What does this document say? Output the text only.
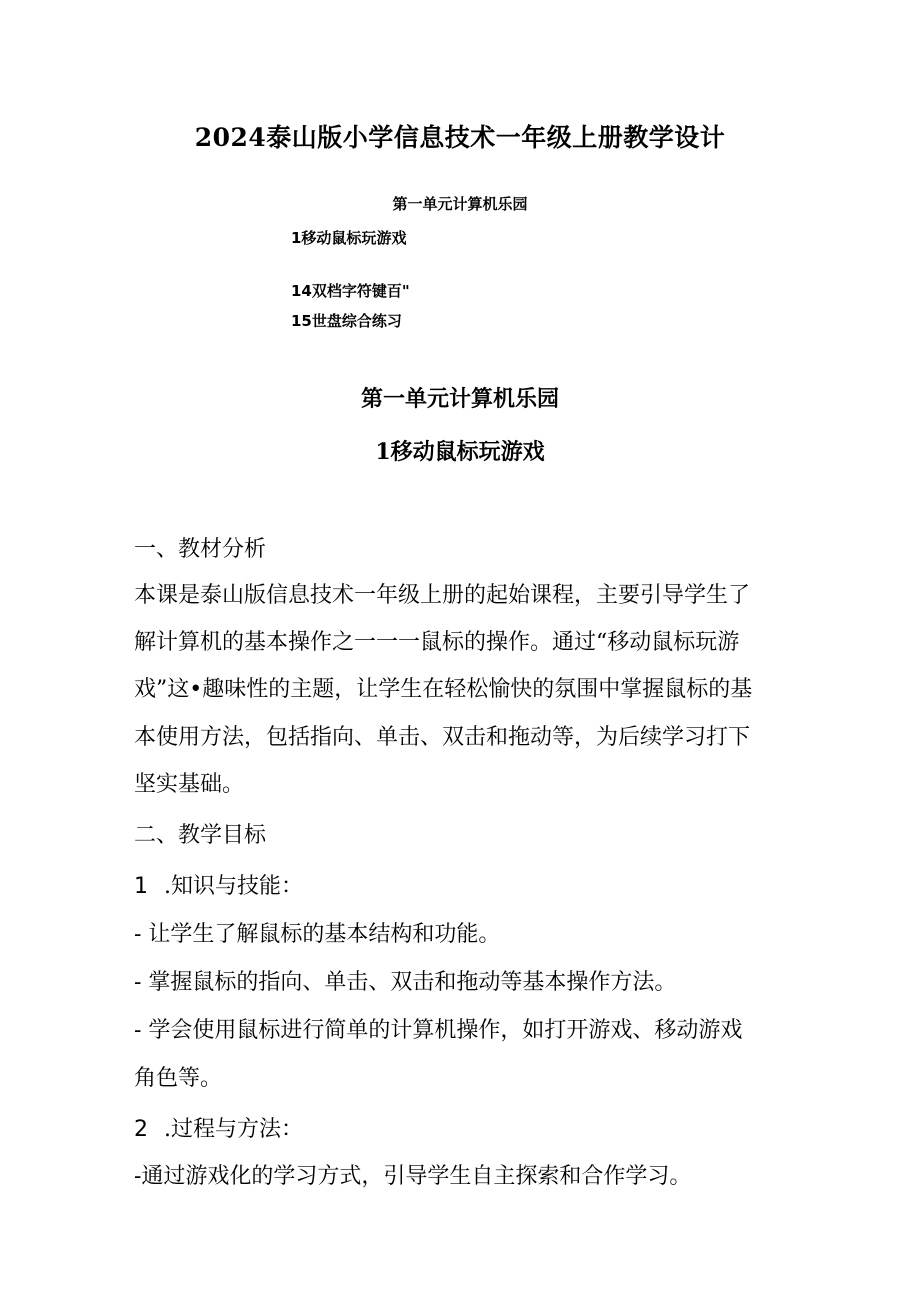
2024泰山版小学信息技术一年级上册教学设计
第一单元计算机乐园
1移动鼠标玩游戏
14双档字符键百"
15世盘综合练习
第一单元计算机乐园
1移动鼠标玩游戏
一、教材分析
本课是泰山版信息技术一年级上册的起始课程，主要引导学生了
解计算机的基本操作之一一一鼠标的操作。通过“移动鼠标玩游
戏”这•趣味性的主题，让学生在轻松愉快的氛围中掌握鼠标的基
本使用方法，包括指向、单击、双击和拖动等，为后续学习打下
坚实基础。
二、教学目标
1 .知识与技能：
- 让学生了解鼠标的基本结构和功能。
- 掌握鼠标的指向、单击、双击和拖动等基本操作方法。
- 学会使用鼠标进行简单的计算机操作，如打开游戏、移动游戏
角色等。
2 .过程与方法：
-通过游戏化的学习方式，引导学生自主探索和合作学习。
